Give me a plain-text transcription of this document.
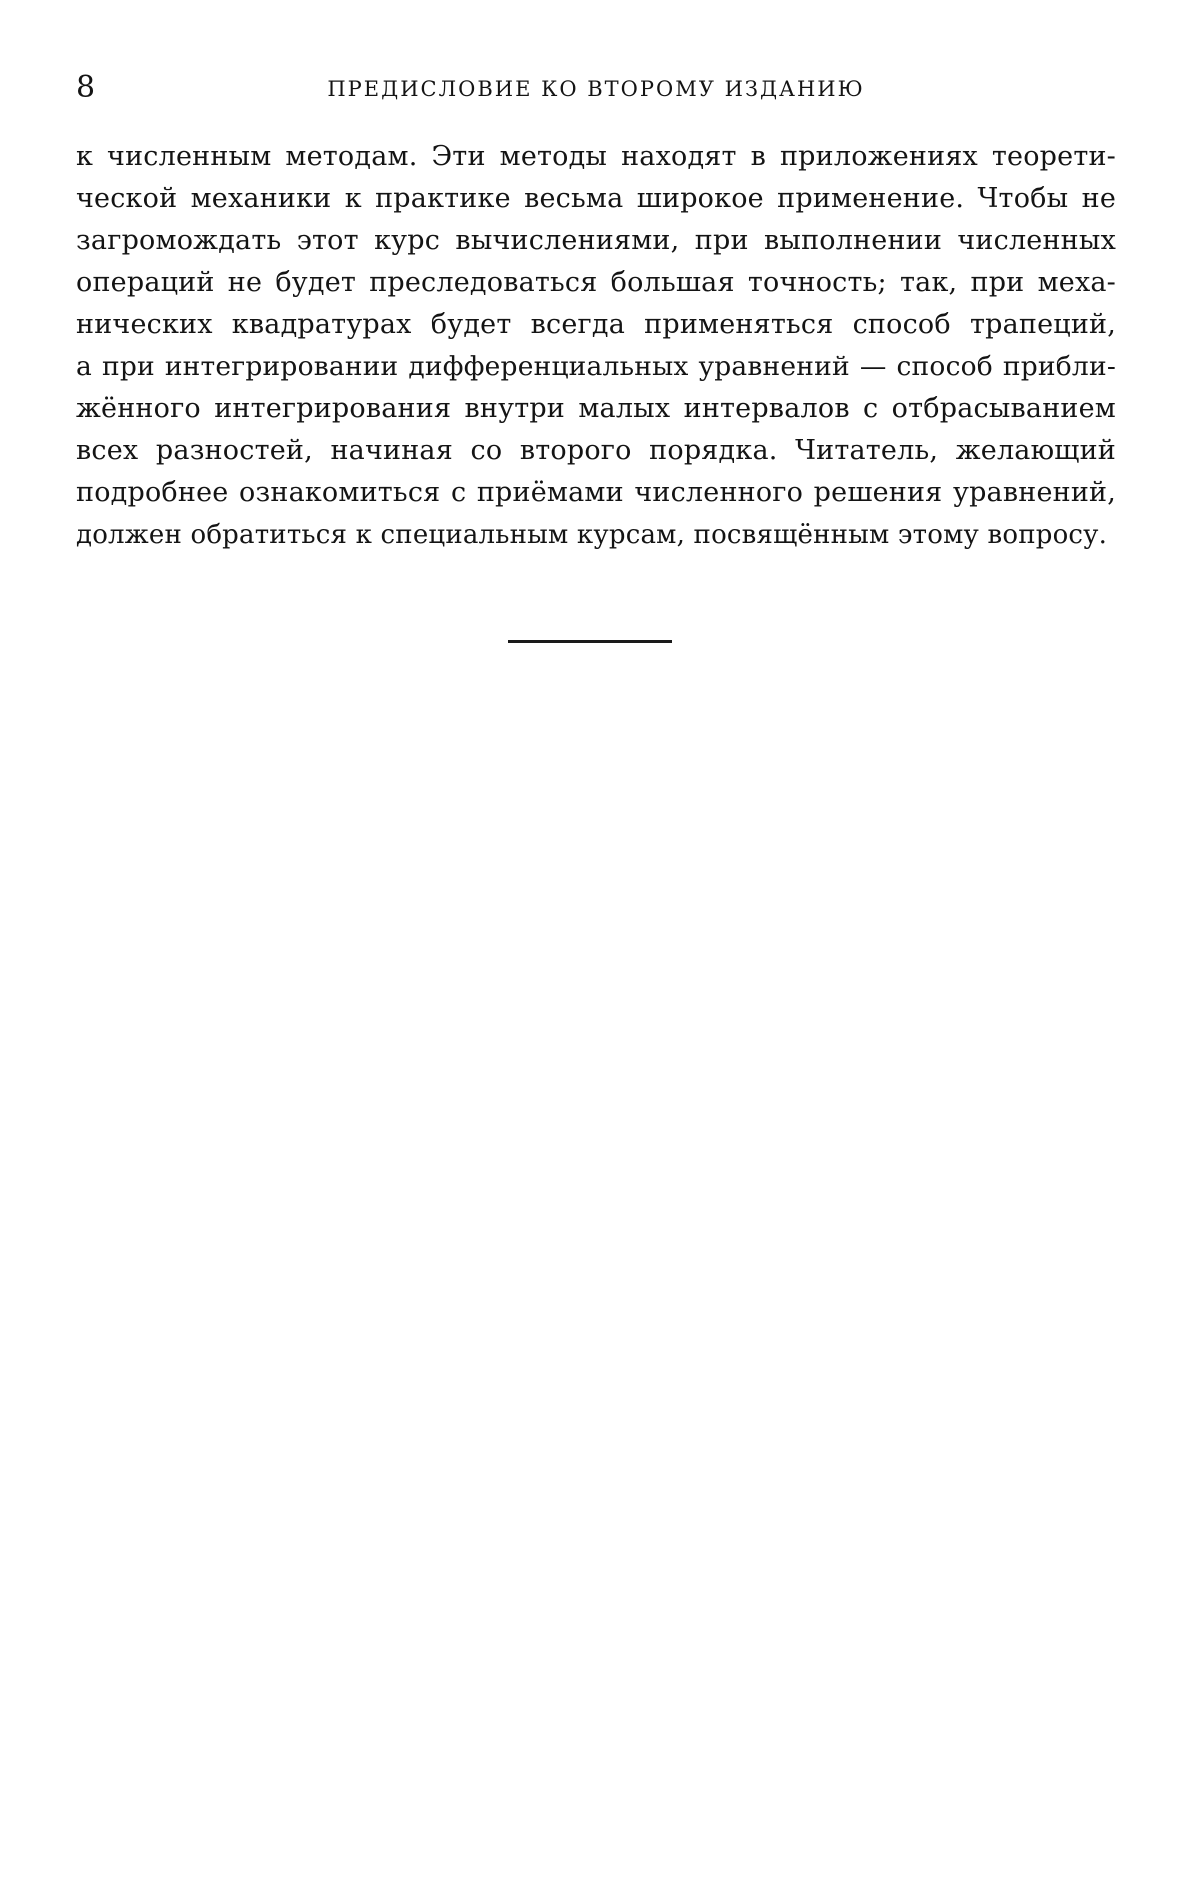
8	ПРЕДИСЛОВИЕ КО ВТОРОМУ ИЗДАНИЮ
к численным методам. Эти методы находят в приложениях теорети-
ческой механики к практике весьма широкое применение. Чтобы не
загромождать этот курс вычислениями, при выполнении численных
операций не будет преследоваться большая точность; так, при меха-
нических квадратурах будет всегда применяться способ трапеций,
а при интегрировании дифференциальных уравнений — способ прибли-
жённого интегрирования внутри малых интервалов с отбрасыванием
всех разностей, начиная со второго порядка. Читатель, желающий
подробнее ознакомиться с приёмами численного решения уравнений,
должен обратиться к специальным курсам, посвящённым этому вопросу.
